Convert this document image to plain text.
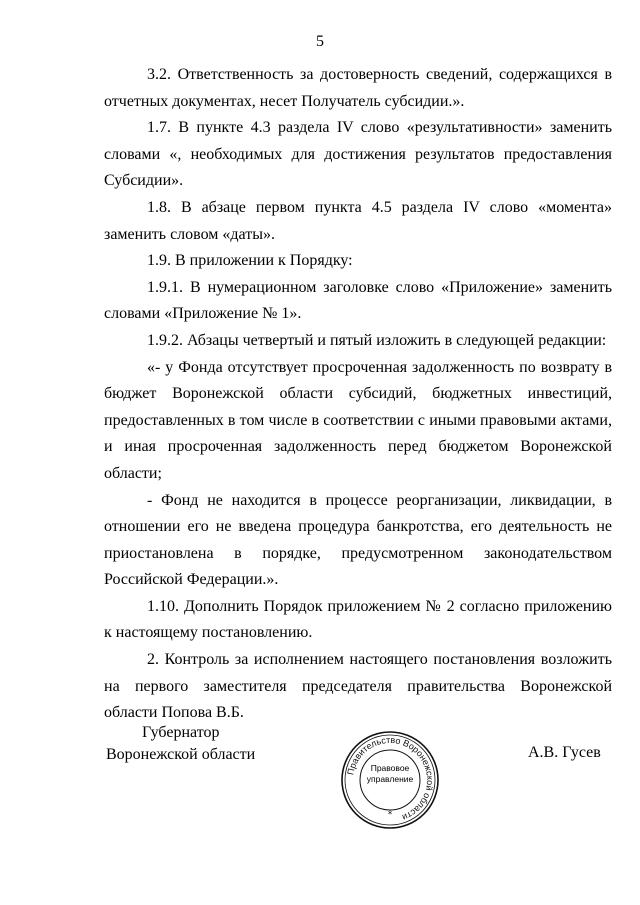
5

3.2. Ответственность за достоверность сведений, содержащихся в отчетных документах, несет Получатель субсидии.».

1.7. В пункте 4.3 раздела IV слово «результативности» заменить словами «, необходимых для достижения результатов предоставления Субсидии».

1.8. В абзаце первом пункта 4.5 раздела IV слово «момента» заменить словом «даты».

1.9. В приложении к Порядку:

1.9.1. В нумерационном заголовке слово «Приложение» заменить словами «Приложение № 1».

1.9.2. Абзацы четвертый и пятый изложить в следующей редакции:

«- у Фонда отсутствует просроченная задолженность по возврату в бюджет Воронежской области субсидий, бюджетных инвестиций, предоставленных в том числе в соответствии с иными правовыми актами, и иная просроченная задолженность перед бюджетом Воронежской области;

- Фонд не находится в процессе реорганизации, ликвидации, в отношении его не введена процедура банкротства, его деятельность не приостановлена в порядке, предусмотренном законодательством Российской Федерации.».

1.10. Дополнить Порядок приложением № 2 согласно приложению к настоящему постановлению.

2. Контроль за исполнением настоящего постановления возложить на первого заместителя председателя правительства Воронежской области Попова В.Б.

Губернатор
Воронежской области	А.В. Гусев
Правительство Воронежской области
*
Правовое
управление
